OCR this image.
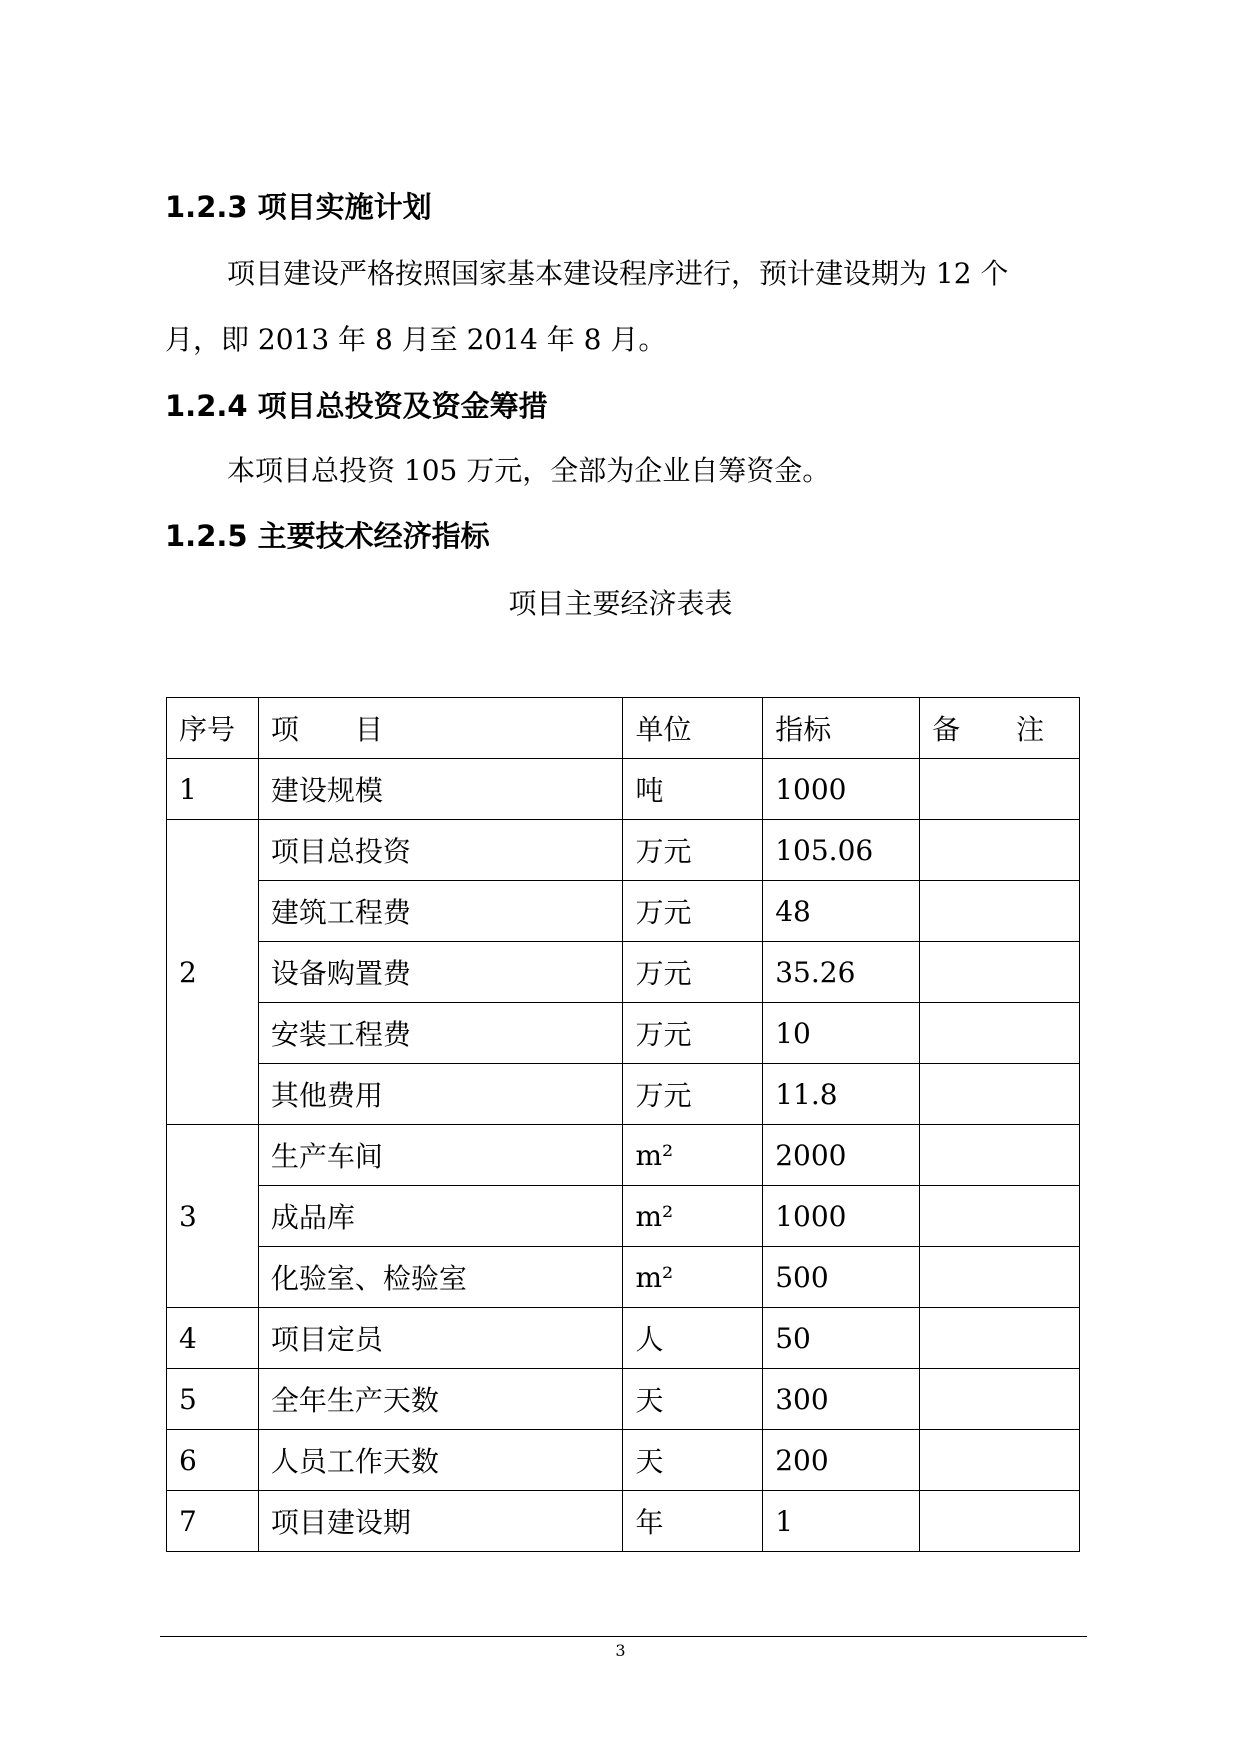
1.2.3 项目实施计划

项目建设严格按照国家基本建设程序进行，预计建设期为 12 个
月，即 2013 年 8 月至 2014 年 8 月。

1.2.4 项目总投资及资金筹措

本项目总投资 105 万元，全部为企业自筹资金。

1.2.5 主要技术经济指标
项目主要经济表表
序号	项　　目	单位	指标	备　　注
1	建设规模	吨	1000	
2	项目总投资	万元	105.06	
	建筑工程费	万元	48	
	设备购置费	万元	35.26	
	安装工程费	万元	10	
	其他费用	万元	11.8	
3	生产车间	m²	2000	
	成品库	m²	1000	
	化验室、检验室	m²	500	
4	项目定员	人	50	
5	全年生产天数	天	300	
6	人员工作天数	天	200	
7	项目建设期	年	1	
3
